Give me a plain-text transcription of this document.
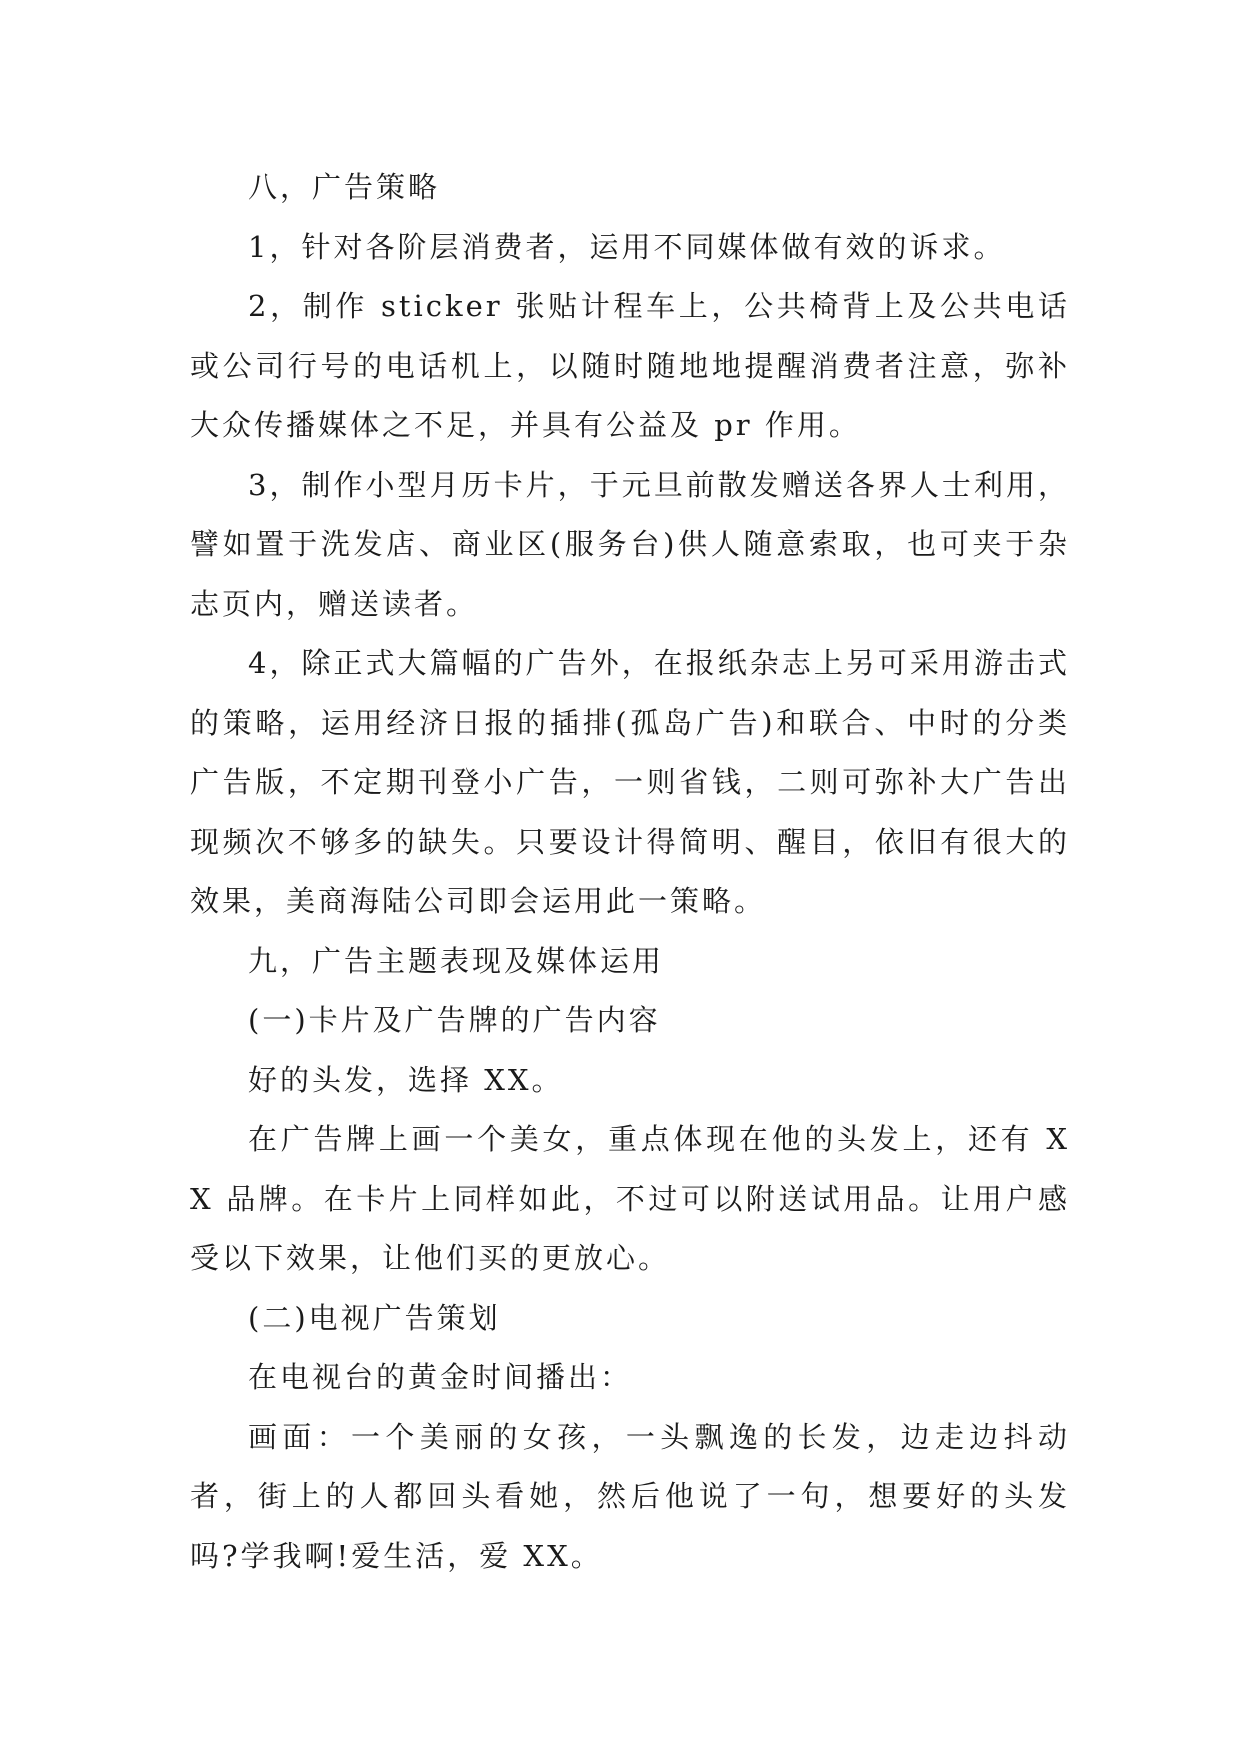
八，广告策略

1，针对各阶层消费者，运用不同媒体做有效的诉求。

2，制作 sticker 张贴计程车上，公共椅背上及公共电话或公司行号的电话机上，以随时随地地提醒消费者注意，弥补大众传播媒体之不足，并具有公益及 pr 作用。

3，制作小型月历卡片，于元旦前散发赠送各界人士利用，譬如置于洗发店、商业区(服务台)供人随意索取，也可夹于杂志页内，赠送读者。

4，除正式大篇幅的广告外，在报纸杂志上另可采用游击式的策略，运用经济日报的插排(孤岛广告)和联合、中时的分类广告版，不定期刊登小广告，一则省钱，二则可弥补大广告出现频次不够多的缺失。只要设计得简明、醒目，依旧有很大的效果，美商海陆公司即会运用此一策略。

九，广告主题表现及媒体运用

(一)卡片及广告牌的广告内容

好的头发，选择 XX。

在广告牌上画一个美女，重点体现在他的头发上，还有 XX 品牌。在卡片上同样如此，不过可以附送试用品。让用户感受以下效果，让他们买的更放心。

(二)电视广告策划

在电视台的黄金时间播出：

画面：一个美丽的女孩，一头飘逸的长发，边走边抖动者，街上的人都回头看她，然后他说了一句，想要好的头发吗?学我啊!爱生活，爱 XX。
